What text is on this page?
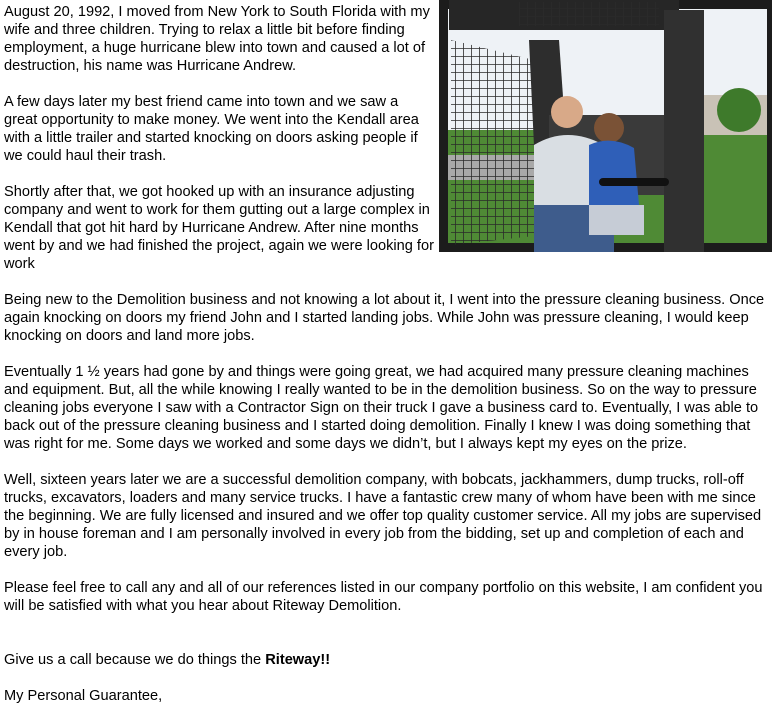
August 20, 1992, I moved from New York to South Florida with my wife and three children. Trying to relax a little bit before finding employment, a huge hurricane blew into town and caused a lot of destruction, his name was Hurricane Andrew.

A few days later my best friend came into town and we saw a great opportunity to make money. We went into the Kendall area with a little trailer and started knocking on doors asking people if we could haul their trash.

Shortly after that, we got hooked up with an insurance adjusting company and went to work for them gutting out a large complex in Kendall that got hit hard by Hurricane Andrew. After nine months went by and we had finished the project, again we were looking for work

Being new to the Demolition business and not knowing a lot about it, I went into the pressure cleaning business. Once again knocking on doors my friend John and I started landing jobs. While John was pressure cleaning, I would keep knocking on doors and land more jobs.

Eventually 1 ½ years had gone by and things were going great, we had acquired many pressure cleaning machines and equipment. But, all the while knowing I really wanted to be in the demolition business. So on the way to pressure cleaning jobs everyone I saw with a Contractor Sign on their truck I gave a business card to. Eventually, I was able to back out of the pressure cleaning business and I started doing demolition. Finally I knew I was doing something that was right for me. Some days we worked and some days we didn’t, but I always kept my eyes on the prize.

Well, sixteen years later we are a successful demolition company, with bobcats, jackhammers, dump trucks, roll-off trucks, excavators, loaders and many service trucks. I have a fantastic crew many of whom have been with me since the beginning. We are fully licensed and insured and we offer top quality customer service. All my jobs are supervised by in house foreman and I am personally involved in every job from the bidding, set up and completion of each and every job.

Please feel free to call any and all of our references listed in our company portfolio on this website, I am confident you will be satisfied with what you hear about Riteway Demolition.

Give us a call because we do things the Riteway!!

My Personal Guarantee,
